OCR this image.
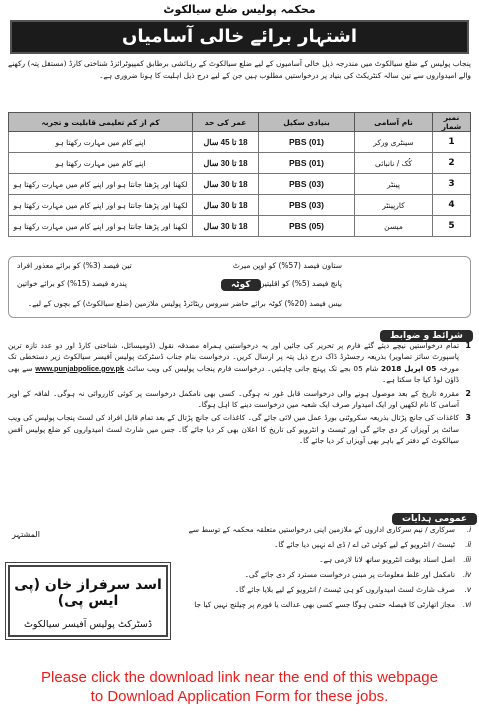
محکمہ پولیس ضلع سیالکوٹ
اشتہار برائے خالی آسامیاں
پنجاب پولیس کے ضلع سیالکوٹ میں مندرجہ ذیل خالی آسامیوں کے لیے ضلع سیالکوٹ کے رہائشی برطابق کمپیوٹرائزڈ شناختی کارڈ (مستقل پتہ) رکھنے والے امیدواروں سے تین سالہ کنٹریکٹ کی بنیاد پر درخواستیں مطلوب ہیں جن کے لیے درج ذیل اہلیت کا ہونا ضروری ہے۔
نمبر شمار	نام آسامی	بنیادی سکیل	عمر کی حد	کم از کم تعلیمی قابلیت و تجربہ
1	سینٹری ورکر	PBS (01)	18 تا 45 سال	اپنے کام میں مہارت رکھتا ہو
2	کُک / نانبائی	PBS (01)	18 تا 30 سال	اپنے کام میں مہارت رکھتا ہو
3	پینٹر	PBS (03)	18 تا 30 سال	لکھنا اور پڑھنا جانتا ہو اور اپنے کام میں مہارت رکھتا ہو
4	کارپینٹر	PBS (03)	18 تا 30 سال	لکھنا اور پڑھنا جانتا ہو اور اپنے کام میں مہارت رکھتا ہو
5	میسن	PBS (05)	18 تا 30 سال	لکھنا اور پڑھنا جانتا ہو اور اپنے کام میں مہارت رکھتا ہو
کوٹہ
ستاون فیصد (57%) کو اوپن میرٹ
تین فیصد (3%) کو برائے معذور افراد
پانچ فیصد (5%) کو اقلیتیں
پندرہ فیصد (15%) کو برائے خواتین
بیس فیصد (20%) کوٹہ برائے حاضر سروس ریٹائرڈ پولیس ملازمین (ضلع سیالکوٹ) کے بچوں کے لیے۔
شرائط و ضوابط
1
تمام درخواستیں نیچے دیئے گئے فارم پر تحریر کی جائیں اور یہ درخواستیں ہمراہ مصدقہ نقول (ڈومیسائل، شناختی کارڈ اور دو عدد تازہ ترین پاسپورٹ سائز تصاویر) بذریعہ رجسٹرڈ ڈاک درج ذیل پتہ پر ارسال کریں۔ درخواست بنام جناب ڈسٹرکٹ پولیس آفیسر سیالکوٹ زیر دستخطی تک مورخہ 05 اپریل 2018 شام 05 بجے تک پہنچ جانی چاہئیں۔ درخواست فارم پنجاب پولیس کی ویب سائٹ www.punjabpolice.gov.pk سے بھی ڈاؤن لوڈ کیا جا سکتا ہے۔
2
مقررہ تاریخ کے بعد موصول ہونے والی درخواست قابل غور نہ ہوگی۔ کسی بھی نامکمل درخواست پر کوئی کارروائی نہ ہوگی۔ لفافہ کے اوپر آسامی کا نام لکھیں اور ایک امیدوار صرف ایک شعبہ میں درخواست دینے کا اہل ہوگا۔
3
کاغذات کی جانچ پڑتال بذریعہ سکروٹنی بورڈ عمل میں لائی جائے گی۔ کاغذات کی جانچ پڑتال کے بعد تمام قابل افراد کی لسٹ پنجاب پولیس کی ویب سائٹ پر آویزاں کر دی جائے گی اور ٹیسٹ و انٹرویو کی تاریخ کا اعلان بھی کر دیا جائے گا۔ جس میں شارٹ لسٹ امیدواروں کو ضلع پولیس آفس سیالکوٹ کے دفتر کے باہر بھی آویزاں کر دیا جائے گا۔
عمومی ہدایات
i.
سرکاری / نیم سرکاری اداروں کے ملازمین اپنی درخواستیں متعلقہ محکمہ کے توسط سے
ii.
ٹیسٹ / انٹرویو کے لیے کوئی ٹی اے / ڈی اے نہیں دیا جائے گا۔
iii.
اصل اسناد بوقت انٹرویو ساتھ لانا لازمی ہے۔
iv.
نامکمل اور غلط معلومات پر مبنی درخواست مسترد کر دی جائے گی۔
v.
صرف شارٹ لسٹ امیدواروں کو ہی ٹیسٹ / انٹرویو کے لیے بلایا جائے گا۔
vi.
مجاز اتھارٹی کا فیصلہ حتمی ہوگا جسے کسی بھی عدالت یا فورم پر چیلنج نہیں کیا جا
المشتہر
اسد سرفراز خان (پی ایس پی)
ڈسٹرکٹ پولیس آفیسر سیالکوٹ
Please click the download link near the end of this webpage
to Download Application Form for these jobs.
